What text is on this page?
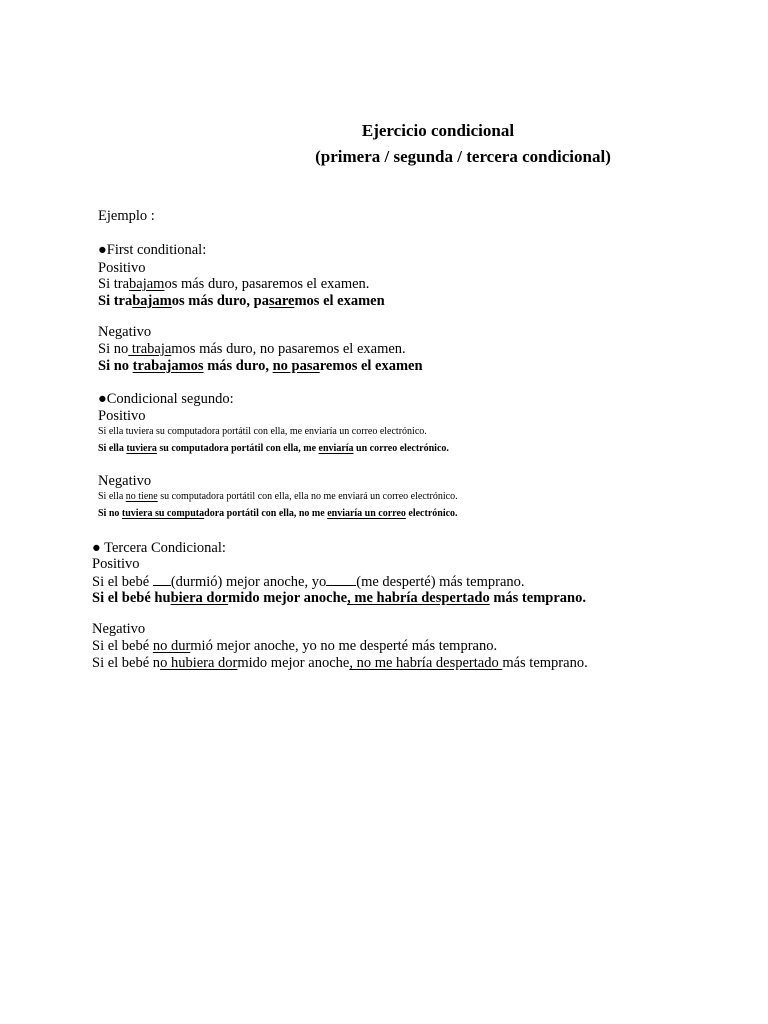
Ejercicio condicional
(primera / segunda / tercera condicional)
Ejemplo :
●First conditional:
Positivo
Si trabajamos más duro, pasaremos el examen.
Si trabajamos más duro, pasaremos el examen
Negativo
Si no trabajamos más duro, no pasaremos el examen.
Si no trabajamos más duro, no pasaremos el examen
●Condicional segundo:
Positivo
Si ella tuviera su computadora portátil con ella, me enviaría un correo electrónico.
Si ella tuviera su computadora portátil con ella, me enviaría un correo electrónico.
Negativo
Si ella no tiene su computadora portátil con ella, ella no me enviará un correo electrónico.
Si no tuviera su computadora portátil con ella, no me enviaría un correo electrónico.
● Tercera Condicional:
Positivo
Si el bebé (durmió) mejor anoche, yo (me desperté) más temprano.
Si el bebé hubiera dormido mejor anoche, me habría despertado más temprano.
Negativo
Si el bebé no durmió mejor anoche, yo no me desperté más temprano.
Si el bebé no hubiera dormido mejor anoche, no me habría despertado más temprano.
